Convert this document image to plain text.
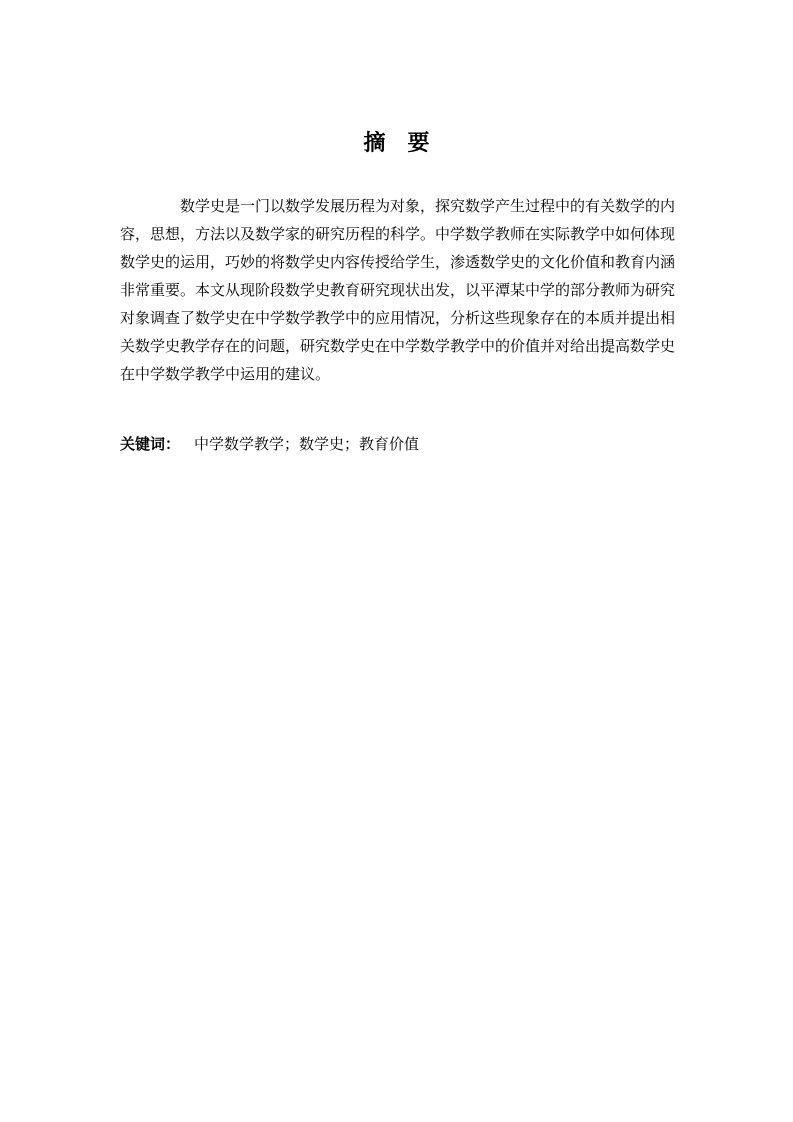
摘要
数学史是一门以数学发展历程为对象，探究数学产生过程中的有关数学的内容，思想，方法以及数学家的研究历程的科学。中学数学教师在实际教学中如何体现数学史的运用，巧妙的将数学史内容传授给学生，渗透数学史的文化价值和教育内涵非常重要。本文从现阶段数学史教育研究现状出发，以平潭某中学的部分教师为研究对象调查了数学史在中学数学教学中的应用情况，分析这些现象存在的本质并提出相关数学史教学存在的问题，研究数学史在中学数学教学中的价值并对给出提高数学史在中学数学教学中运用的建议。
关键词： 中学数学教学；数学史；教育价值
